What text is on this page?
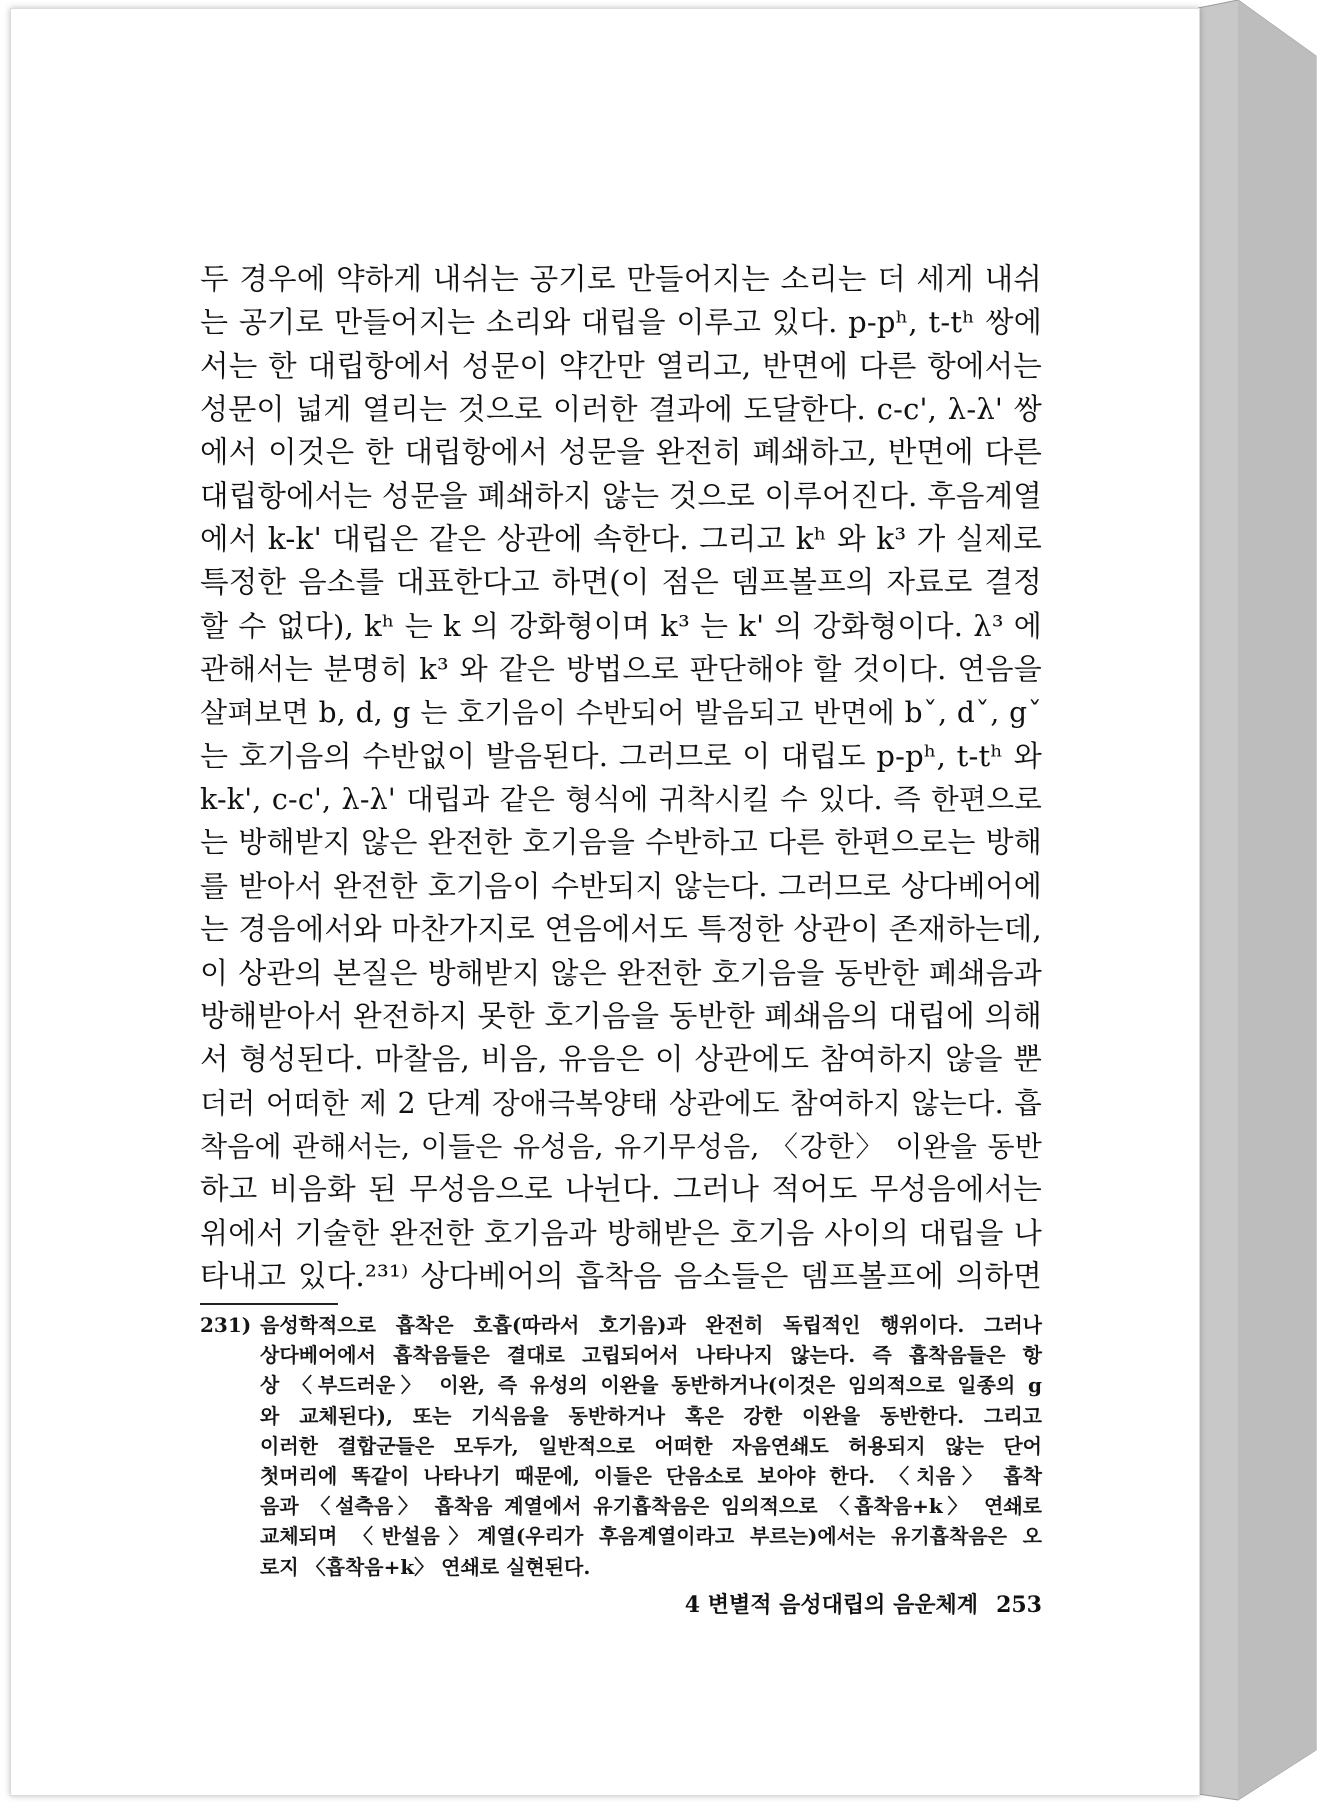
두 경우에 약하게 내쉬는 공기로 만들어지는 소리는 더 세게 내쉬
는 공기로 만들어지는 소리와 대립을 이루고 있다. p-pʰ, t-tʰ 쌍에
서는 한 대립항에서 성문이 약간만 열리고, 반면에 다른 항에서는
성문이 넓게 열리는 것으로 이러한 결과에 도달한다. c-c', λ-λ' 쌍
에서 이것은 한 대립항에서 성문을 완전히 폐쇄하고, 반면에 다른
대립항에서는 성문을 폐쇄하지 않는 것으로 이루어진다. 후음계열
에서 k-k' 대립은 같은 상관에 속한다. 그리고 kʰ 와 k³ 가 실제로
특정한 음소를 대표한다고 하면(이 점은 뎀프볼프의 자료로 결정
할 수 없다), kʰ 는 k 의 강화형이며 k³ 는 k' 의 강화형이다. λ³ 에
관해서는 분명히 k³ 와 같은 방법으로 판단해야 할 것이다. 연음을
살펴보면 b, d, g 는 호기음이 수반되어 발음되고 반면에 bˇ, dˇ, gˇ
는 호기음의 수반없이 발음된다. 그러므로 이 대립도 p-pʰ, t-tʰ 와
k-k', c-c', λ-λ' 대립과 같은 형식에 귀착시킬 수 있다. 즉 한편으로
는 방해받지 않은 완전한 호기음을 수반하고 다른 한편으로는 방해
를 받아서 완전한 호기음이 수반되지 않는다. 그러므로 상다베어에
는 경음에서와 마찬가지로 연음에서도 특정한 상관이 존재하는데,
이 상관의 본질은 방해받지 않은 완전한 호기음을 동반한 폐쇄음과
방해받아서 완전하지 못한 호기음을 동반한 폐쇄음의 대립에 의해
서 형성된다. 마찰음, 비음, 유음은 이 상관에도 참여하지 않을 뿐
더러 어떠한 제 2 단계 장애극복양태 상관에도 참여하지 않는다. 흡
착음에 관해서는, 이들은 유성음, 유기무성음, 〈강한〉 이완을 동반
하고 비음화 된 무성음으로 나뉜다. 그러나 적어도 무성음에서는
위에서 기술한 완전한 호기음과 방해받은 호기음 사이의 대립을 나
타내고 있다.²³¹⁾ 상다베어의 흡착음 음소들은 뎀프볼프에 의하면
231) 음성학적으로 흡착은 호흡(따라서 호기음)과 완전히 독립적인 행위이다. 그러나
상다베어에서 흡착음들은 결대로 고립되어서 나타나지 않는다. 즉 흡착음들은 항
상 〈부드러운〉 이완, 즉 유성의 이완을 동반하거나(이것은 임의적으로 일종의 g
와 교체된다), 또는 기식음을 동반하거나 혹은 강한 이완을 동반한다. 그리고
이러한 결합군들은 모두가, 일반적으로 어떠한 자음연쇄도 허용되지 않는 단어
첫머리에 똑같이 나타나기 때문에, 이들은 단음소로 보아야 한다. 〈치음〉 흡착
음과 〈설측음〉 흡착음 계열에서 유기흡착음은 임의적으로 〈흡착음+k〉 연쇄로
교체되며 〈반설음〉계열(우리가 후음계열이라고 부르는)에서는 유기흡착음은 오
로지 〈흡착음+k〉 연쇄로 실현된다.
4 변별적 음성대립의 음운체계 253
